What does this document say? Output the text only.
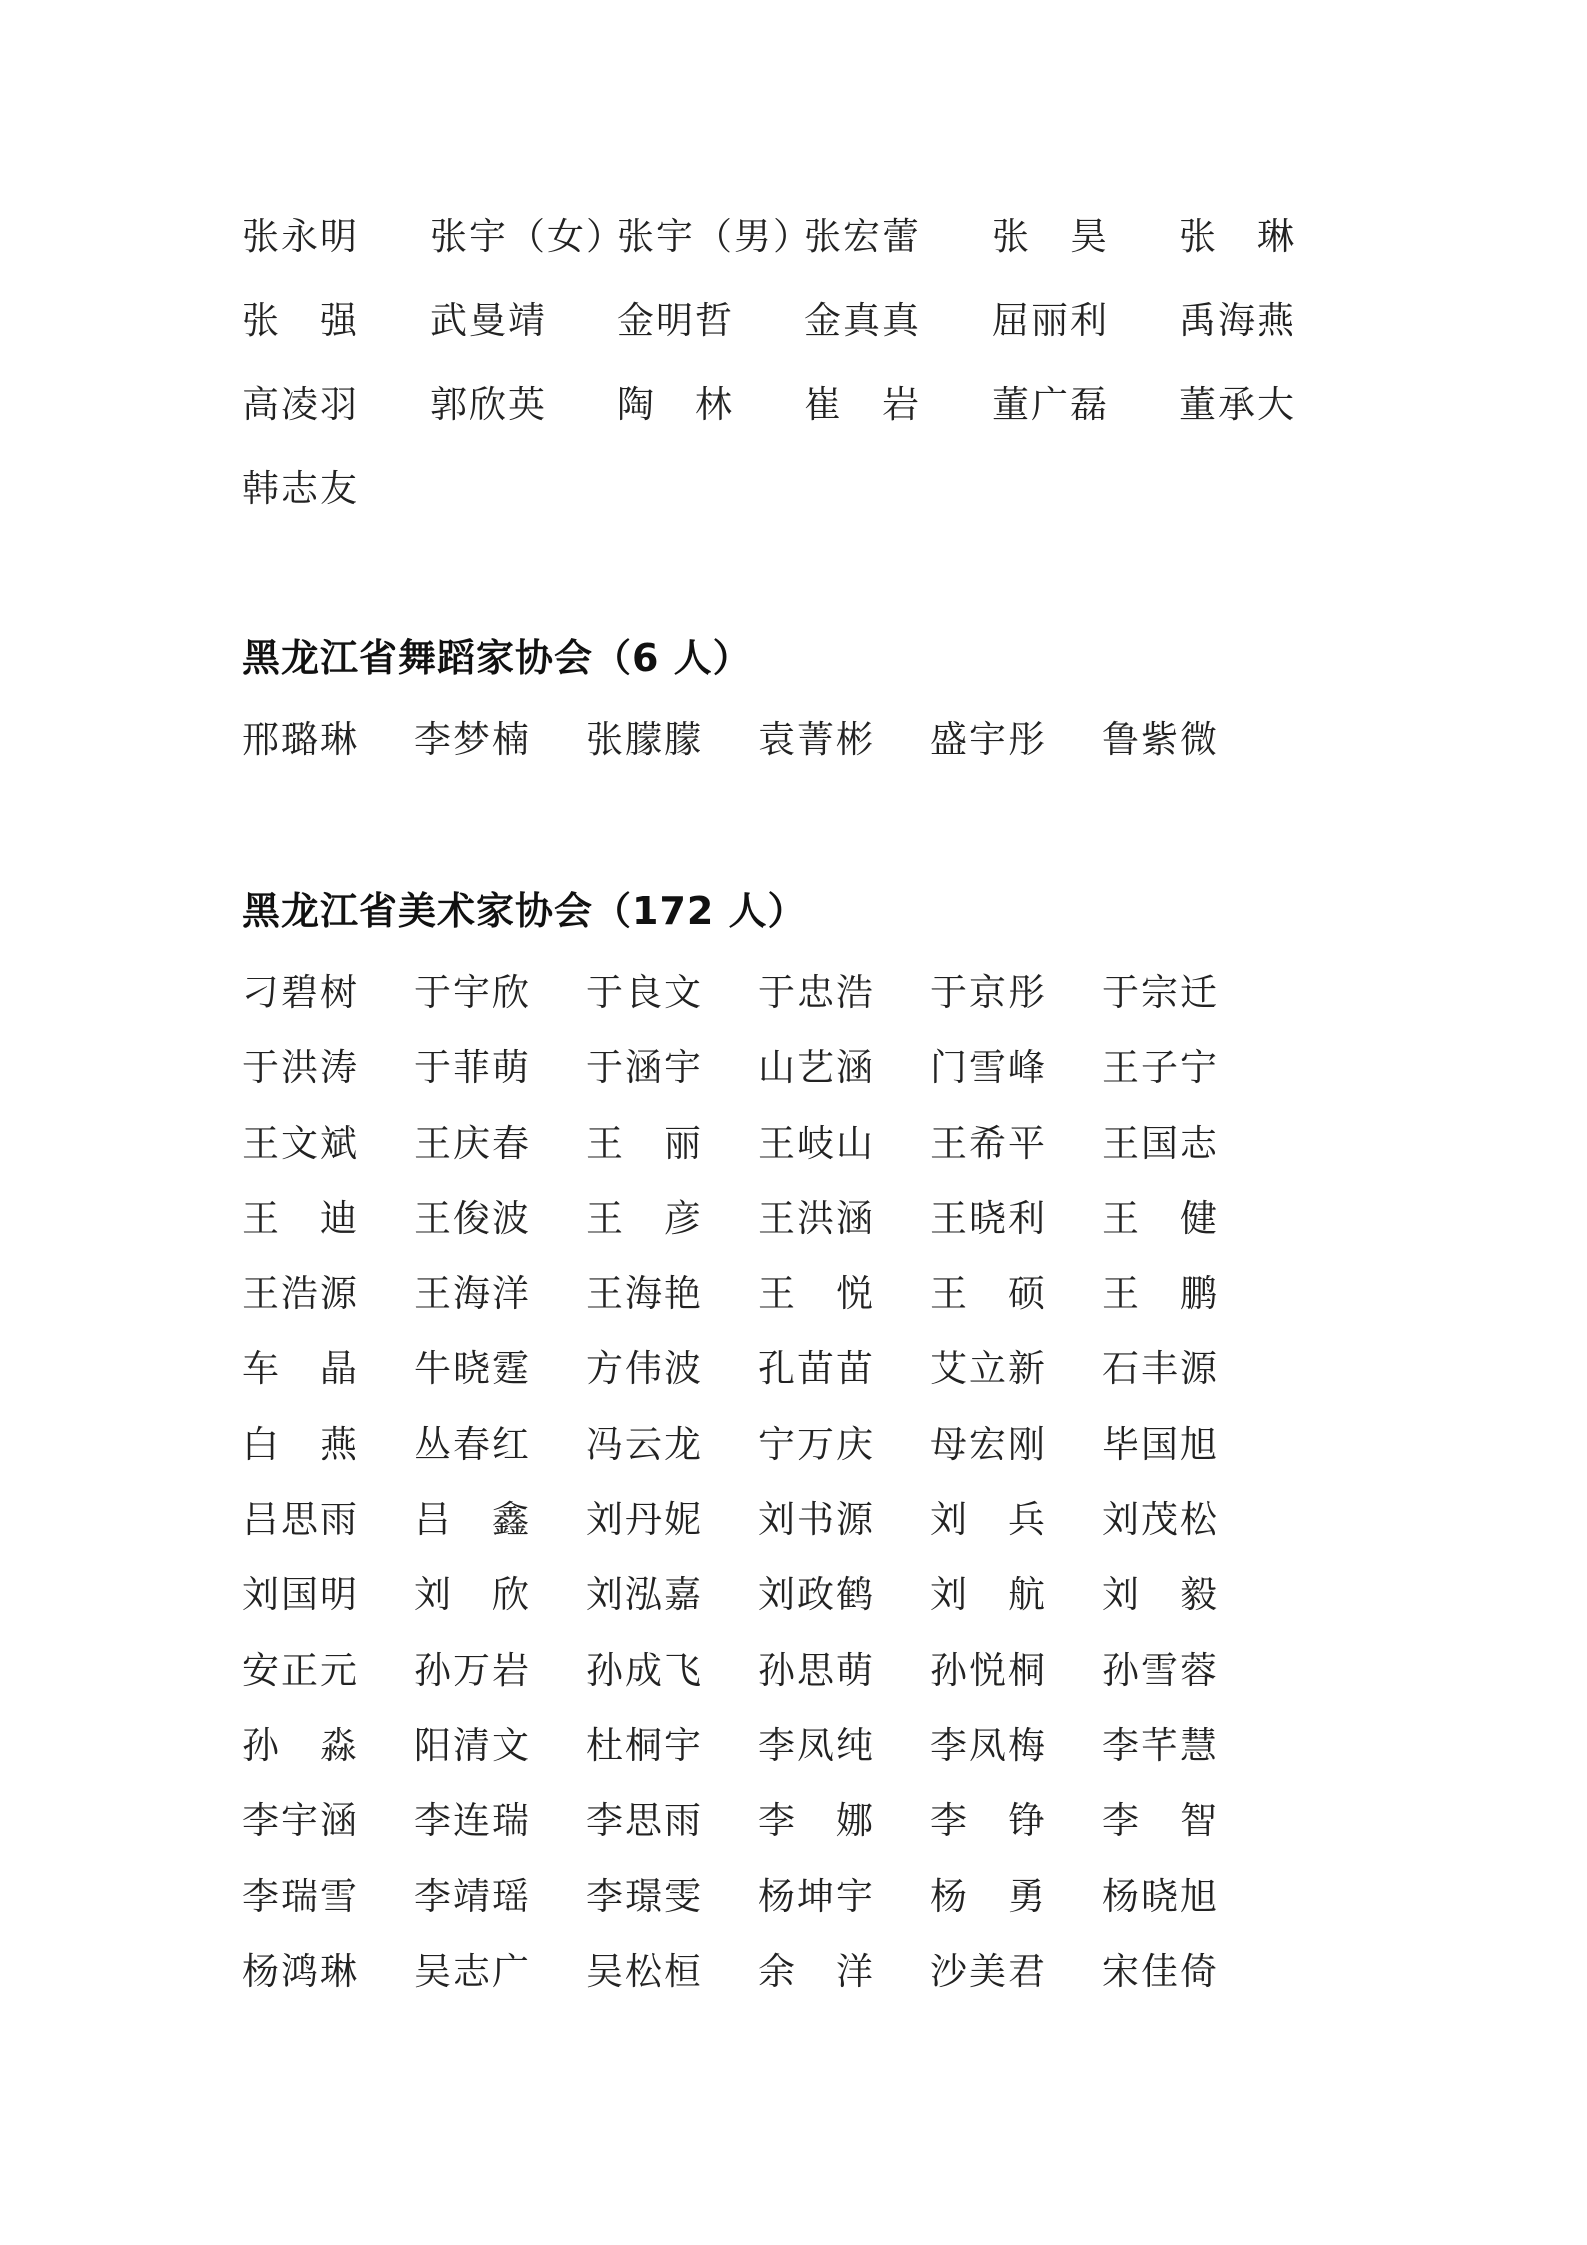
张永明 张宇（女）
张宇（男）
张宏蕾 张　昊 张　琳
张　强 武曼靖 金明哲 金真真 屈丽利 禹海燕
高凌羽 郭欣英 陶　林 崔　岩 董广磊 董承大
韩志友
黑龙江省舞蹈家协会（6 人）
邢璐琳 李梦楠 张朦朦 袁菁彬 盛宇彤 鲁紫微
黑龙江省美术家协会（172 人）
刁碧树 于宇欣 于良文 于忠浩 于京彤 于宗迁
于洪涛 于菲萌 于涵宇 山艺涵 门雪峰 王子宁
王文斌 王庆春 王　丽 王岐山 王希平 王国志
王　迪 王俊波 王　彦 王洪涵 王晓利 王　健
王浩源 王海洋 王海艳 王　悦 王　硕 王　鹏
车　晶 牛晓霆 方伟波 孔苗苗 艾立新 石丰源
白　燕 丛春红 冯云龙 宁万庆 母宏刚 毕国旭
吕思雨 吕　鑫 刘丹妮 刘书源 刘　兵 刘茂松
刘国明 刘　欣 刘泓嘉 刘政鹤 刘　航 刘　毅
安正元 孙万岩 孙成飞 孙思萌 孙悦桐 孙雪蓉
孙　淼 阳清文 杜桐宇 李凤纯 李凤梅 李芊慧
李宇涵 李连瑞 李思雨 李　娜 李　铮 李　智
李瑞雪 李靖瑶 李璟雯 杨坤宇 杨　勇 杨晓旭
杨鸿琳 吴志广 吴松桓 余　洋 沙美君 宋佳倚
